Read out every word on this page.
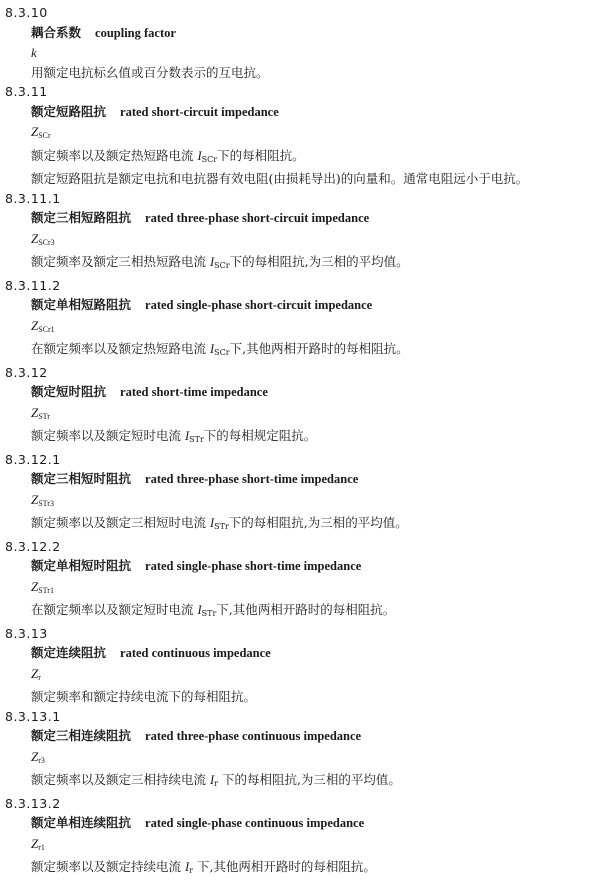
8.3.10
耦合系数 coupling factor
k
用额定电抗标幺值或百分数表示的互电抗。
8.3.11
额定短路阻抗 rated short-circuit impedance
$Z_{SCr}$
额定频率以及额定热短路电流 $I_{SCr}$下的每相阻抗。
额定短路阻抗是额定电抗和电抗器有效电阻(由损耗导出)的向量和。通常电阻远小于电抗。
8.3.11.1
额定三相短路阻抗 rated three-phase short-circuit impedance
$Z_{SCr3}$
额定频率及额定三相热短路电流 $I_{SCr}$下的每相阻抗,为三相的平均值。
8.3.11.2
额定单相短路阻抗 rated single-phase short-circuit impedance
$Z_{SCr1}$
在额定频率以及额定热短路电流 $I_{SCr}$下,其他两相开路时的每相阻抗。
8.3.12
额定短时阻抗 rated short-time impedance
$Z_{STr}$
额定频率以及额定短时电流 $I_{STr}$下的每相规定阻抗。
8.3.12.1
额定三相短时阻抗 rated three-phase short-time impedance
$Z_{STr3}$
额定频率以及额定三相短时电流 $I_{STr}$下的每相阻抗,为三相的平均值。
8.3.12.2
额定单相短时阻抗 rated single-phase short-time impedance
$Z_{STr1}$
在额定频率以及额定短时电流 $I_{STr}$下,其他两相开路时的每相阻抗。
8.3.13
额定连续阻抗 rated continuous impedance
$Z_r$
额定频率和额定持续电流下的每相阻抗。
8.3.13.1
额定三相连续阻抗 rated three-phase continuous impedance
$Z_{r3}$
额定频率以及额定三相持续电流 $I_r$ 下的每相阻抗,为三相的平均值。
8.3.13.2
额定单相连续阻抗 rated single-phase continuous impedance
$Z_{r1}$
额定频率以及额定持续电流 $I_r$ 下,其他两相开路时的每相阻抗。
